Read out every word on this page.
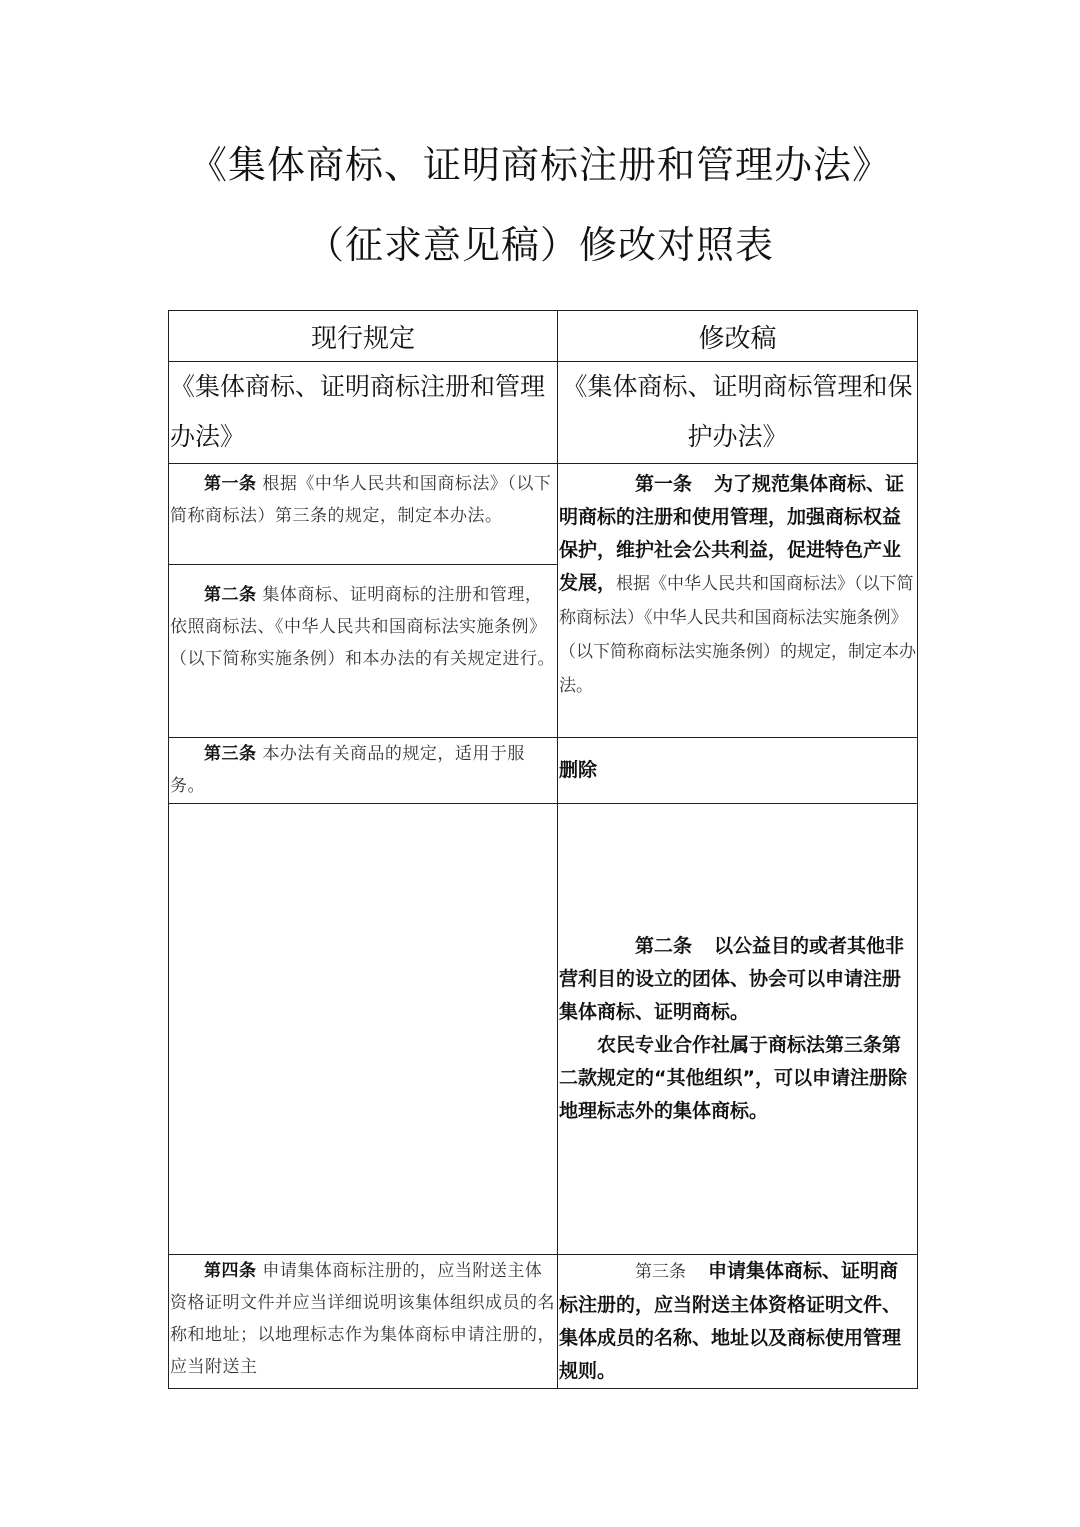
《集体商标、证明商标注册和管理办法》
（征求意见稿）修改对照表
现行规定	修改稿
《集体商标、证明商标注册和管理办法》	《集体商标、证明商标管理和保护办法》

第一条 根据《中华人民共和国商标法》（以下简称商标法）第三条的规定，制定本办法。	第一条 为了规范集体商标、证明商标的注册和使用管理，加强商标权益保护，维护社会公共利益，促进特色产业发展，根据《中华人民共和国商标法》（以下简称商标法）《中华人民共和国商标法实施条例》（以下简称商标法实施条例）的规定，制定本办法。

第二条 集体商标、证明商标的注册和管理，依照商标法、《中华人民共和国商标法实施条例》（以下简称实施条例）和本办法的有关规定进行。	

第三条 本办法有关商品的规定，适用于服务。	删除

	第二条 以公益目的或者其他非营利目的设立的团体、协会可以申请注册集体商标、证明商标。

农民专业合作社属于商标法第三条第二款规定的“其他组织”，可以申请注册除地理标志外的集体商标。

第四条 申请集体商标注册的，应当附送主体资格证明文件并应当详细说明该集体组织成员的名称和地址；以地理标志作为集体商标申请注册的，应当附送主	第三条 申请集体商标、证明商标注册的，应当附送主体资格证明文件、集体成员的名称、地址以及商标使用管理规则。
